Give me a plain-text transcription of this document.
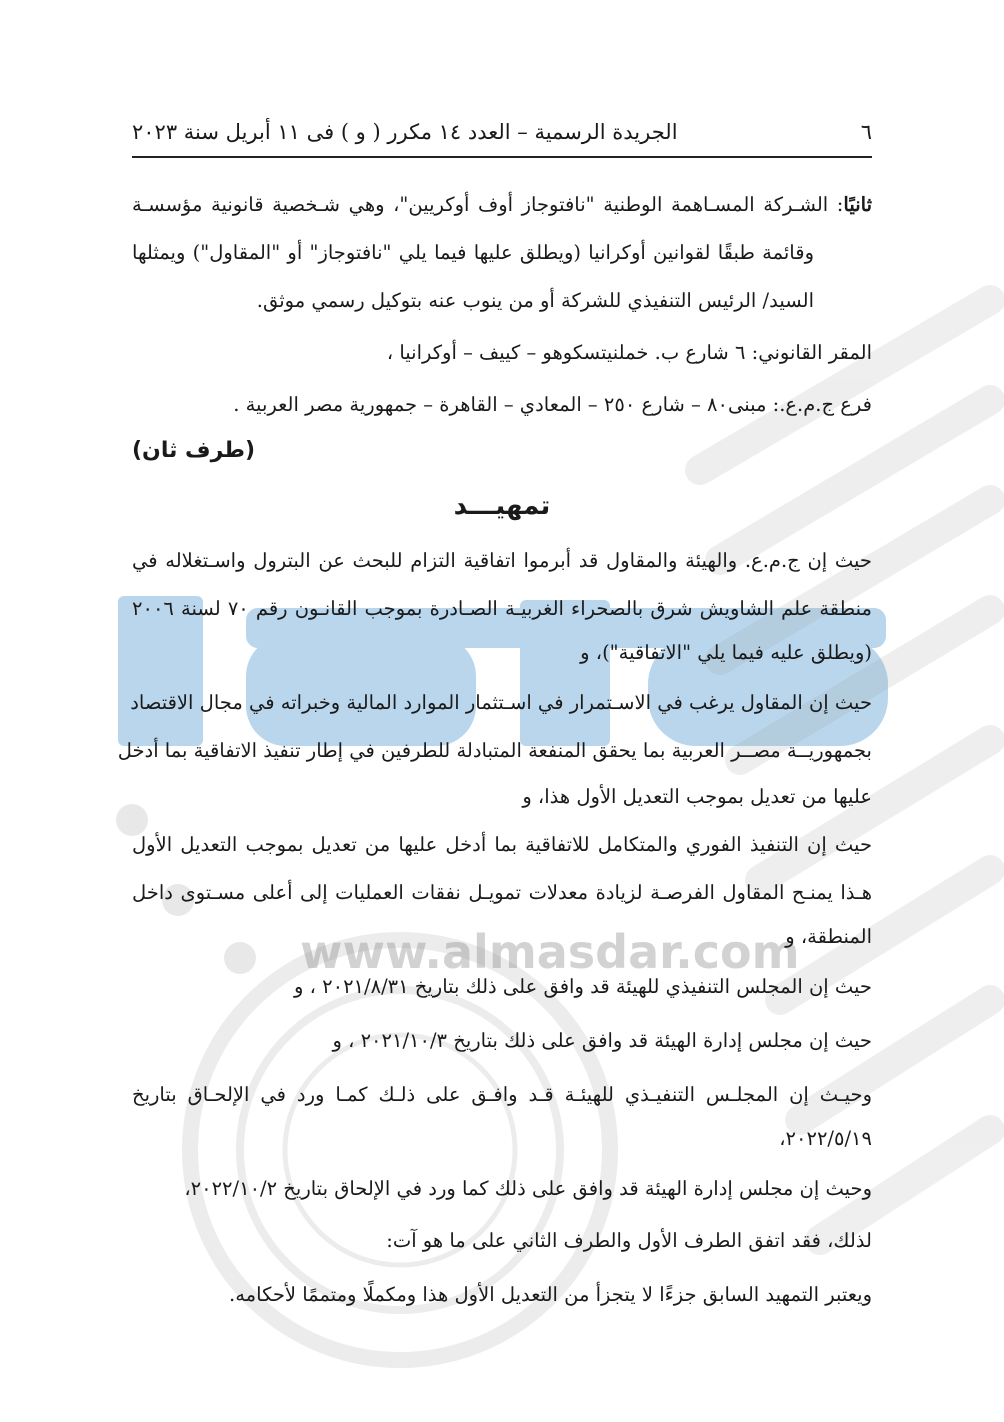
www.almasdar.com
٦
الجريدة الرسمية – العدد ١٤ مكرر ( و ) فى ١١ أبريل سنة ٢٠٢٣
ثانيًا: الشـركة المسـاهمة الوطنية "نافتوجاز أوف أوكريين"، وهي شـخصية قانونية مؤسسـة
وقائمة طبقًا لقوانين أوكرانيا (ويطلق عليها فيما يلي "نافتوجاز" أو "المقاول") ويمثلها
السيد/ الرئيس التنفيذي للشركة أو من ينوب عنه بتوكيل رسمي موثق.
المقر القانوني: ٦ شارع ب. خملنيتسكوهو – كييف – أوكرانيا ،
فرع ج.م.ع.: مبنى٨٠ – شارع ٢٥٠ – المعادي – القاهرة – جمهورية مصر العربية .
(طرف ثان)
تمهيـــد
حيث إن ج.م.ع. والهيئة والمقاول قد أبرموا اتفاقية التزام للبحث عن البترول واسـتغلاله في
منطقة علم الشاويش شرق بالصحراء الغربيـة الصـادرة بموجب القانـون رقم ٧٠ لسنة ٢٠٠٦
(ويطلق عليه فيما يلي "الاتفاقية")، و
حيث إن المقاول يرغب في الاسـتمرار في اسـتثمار الموارد المالية وخبراته في مجال الاقتصاد
بجمهوريــة مصــر العربية بما يحقق المنفعة المتبادلة للطرفين في إطار تنفيذ الاتفاقية بما أدخل
عليها من تعديل بموجب التعديل الأول هذا، و
حيث إن التنفيذ الفوري والمتكامل للاتفاقية بما أدخل عليها من تعديل بموجب التعديل الأول
هـذا يمنـح المقاول الفرصـة لزيادة معدلات تمويـل نفقات العمليات إلى أعلى مسـتوى داخل
المنطقة، و
حيث إن المجلس التنفيذي للهيئة قد وافق على ذلك بتاريخ ٢٠٢١/٨/٣١ ، و
حيث إن مجلس إدارة الهيئة قد وافق على ذلك بتاريخ ٢٠٢١/١٠/٣ ، و
وحيـث إن المجلـس التنفيـذي للهيئـة قـد وافـق على ذلـك كمـا ورد في الإلحـاق بتاريخ
٢٠٢٢/٥/١٩،
وحيث إن مجلس إدارة الهيئة قد وافق على ذلك كما ورد في الإلحاق بتاريخ ٢٠٢٢/١٠/٢،
لذلك، فقد اتفق الطرف الأول والطرف الثاني على ما هو آت:
ويعتبر التمهيد السابق جزءًا لا يتجزأ من التعديل الأول هذا ومكملًا ومتممًا لأحكامه.
